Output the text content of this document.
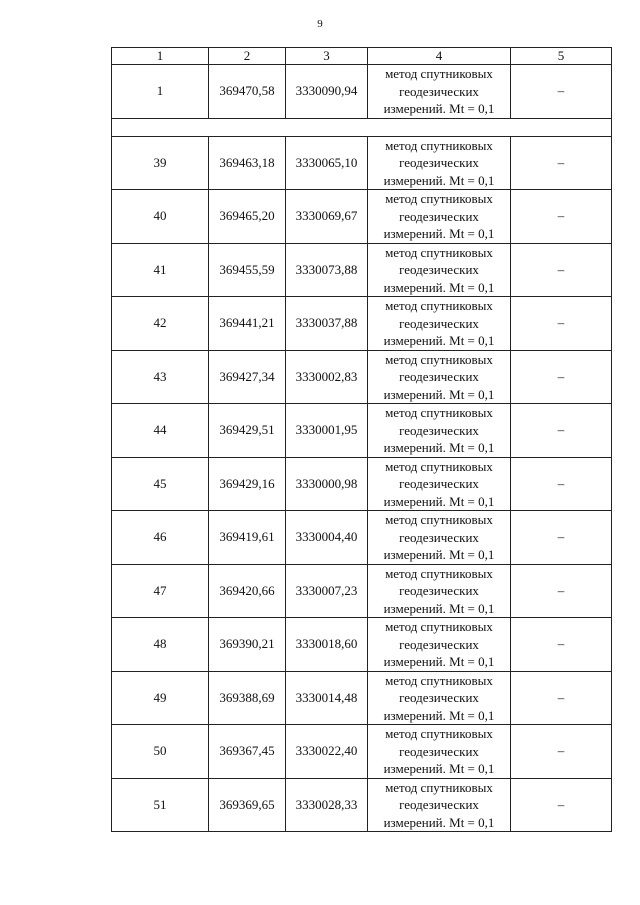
9
1	2	3	4	5
1	369470,58	3330090,94	метод спутниковых
геодезических
измерений. Mt = 0,1	–

39	369463,18	3330065,10	метод спутниковых
геодезических
измерений. Mt = 0,1	–
40	369465,20	3330069,67	метод спутниковых
геодезических
измерений. Mt = 0,1	–
41	369455,59	3330073,88	метод спутниковых
геодезических
измерений. Mt = 0,1	–
42	369441,21	3330037,88	метод спутниковых
геодезических
измерений. Mt = 0,1	–
43	369427,34	3330002,83	метод спутниковых
геодезических
измерений. Mt = 0,1	–
44	369429,51	3330001,95	метод спутниковых
геодезических
измерений. Mt = 0,1	–
45	369429,16	3330000,98	метод спутниковых
геодезических
измерений. Mt = 0,1	–
46	369419,61	3330004,40	метод спутниковых
геодезических
измерений. Mt = 0,1	–
47	369420,66	3330007,23	метод спутниковых
геодезических
измерений. Mt = 0,1	–
48	369390,21	3330018,60	метод спутниковых
геодезических
измерений. Mt = 0,1	–
49	369388,69	3330014,48	метод спутниковых
геодезических
измерений. Mt = 0,1	–
50	369367,45	3330022,40	метод спутниковых
геодезических
измерений. Mt = 0,1	–
51	369369,65	3330028,33	метод спутниковых
геодезических
измерений. Mt = 0,1	–
